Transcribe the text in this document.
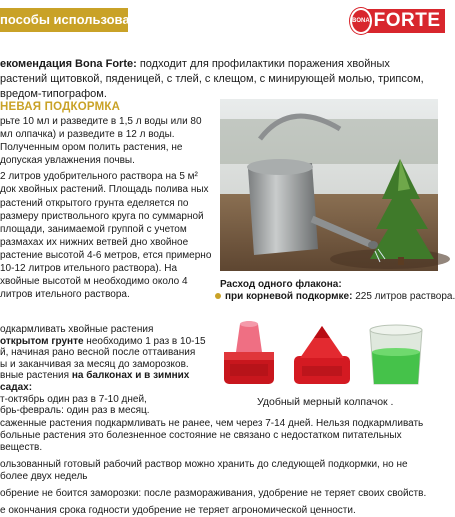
пособы использования	BONA FORTE
екомендация Bona Forte: подходит для профилактики поражения хвойных растений щитовкой, пяденицей, с тлей, с клещом, с минирующей молью, трипсом, вредом-типографом.
НЕВАЯ ПОДКОРМКА

рьте 10 мл и разведите в 1,5 л воды или 80 мл олпачка) и разведите в 12 л воды. Полученным ором полить растения, не допуская увлажнения почвы.

2 литров удобрительного раствора на 5 м² док хвойных растений. Площадь полива ных растений открытого грунта еделяется по размеру приствольного круга по суммарной площади, занимаемой группой с учетом размахах их нижних ветвей дно хвойное растение высотой 4-6 метров, ется примерно 10-12 литров ительного раствора). На хвойные высотой м необходимо около 4 литров ительного раствора.

Расход одного флакона:
при корневой подкормке: 225 литров раствора.
одкармливать хвойные растения
открытом грунте необходимо 1 раз в 10-15
й, начиная рано весной после оттаивания
ы и заканчивая за месяц до заморозков.
вные растения на балконах и в зимних садах:
т-октябрь один раз в 7-10 дней,
брь-февраль: один раз в месяц.
Удобный мерный колпачок .

саженные растения подкармливать не ранее, чем через 7-14 дней. Нельзя подкармливать больные растения это болезненное состояние не связано с недостатком питательных веществ.

ользованный готовый рабочий раствор можно хранить до следующей подкормки, но не более двух недель

обрение не боится заморозки: после размораживания, удобрение не теряет своих свойств.

е окончания срока годности удобрение не теряет агрономической ценности.
